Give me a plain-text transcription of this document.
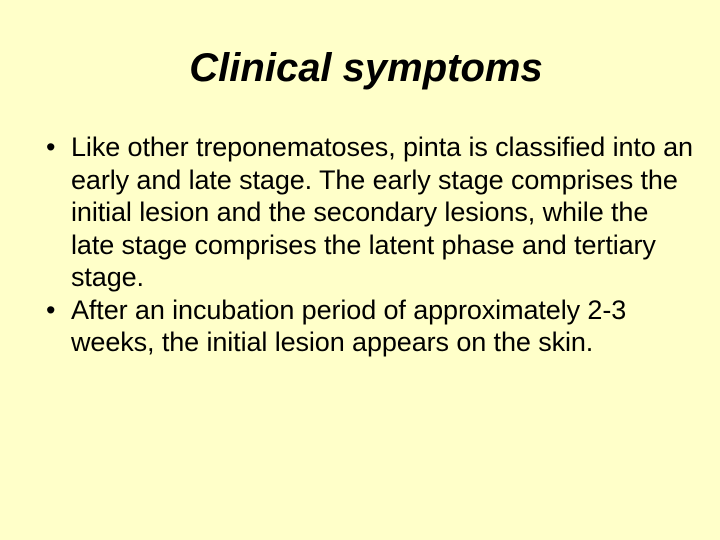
Clinical symptoms
• Like other treponematoses, pinta is classified into an early and late stage. The early stage comprises the initial lesion and the secondary lesions, while the late stage comprises the latent phase and tertiary stage.
• After an incubation period of approximately 2-3 weeks, the initial lesion appears on the skin.
